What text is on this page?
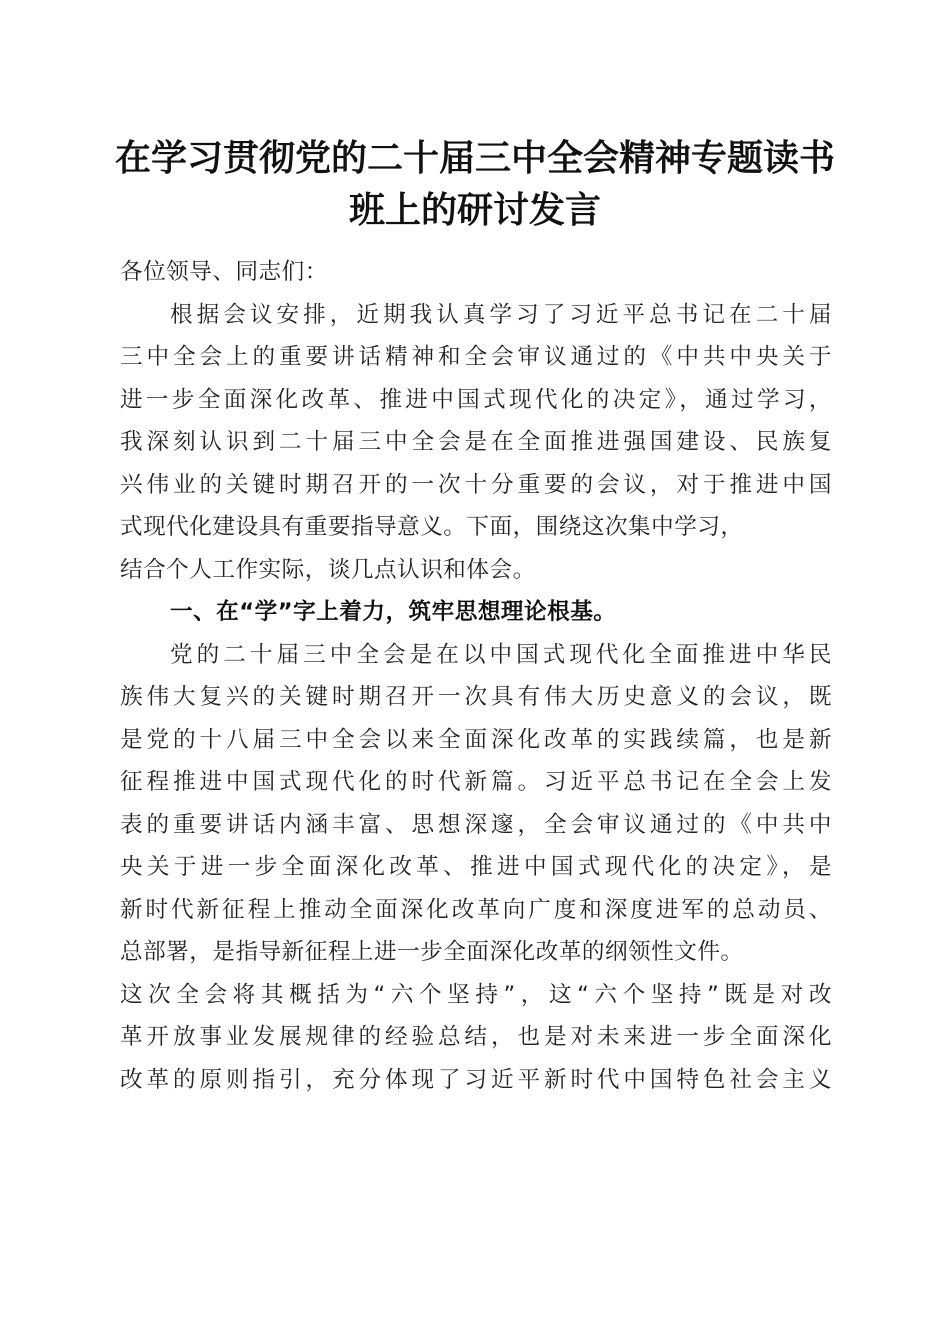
在学习贯彻党的二十届三中全会精神专题读书
班上的研讨发言
各位领导、同志们：
根据会议安排，近期我认真学习了习近平总书记在二十届
三中全会上的重要讲话精神和全会审议通过的《中共中央关于
进一步全面深化改革、推进中国式现代化的决定》，通过学习，
我深刻认识到二十届三中全会是在全面推进强国建设、民族复
兴伟业的关键时期召开的一次十分重要的会议，对于推进中国
式现代化建设具有重要指导意义。下面，围绕这次集中学习，
结合个人工作实际，谈几点认识和体会。
一、在“学”字上着力，筑牢思想理论根基。
党的二十届三中全会是在以中国式现代化全面推进中华民
族伟大复兴的关键时期召开一次具有伟大历史意义的会议，既
是党的十八届三中全会以来全面深化改革的实践续篇，也是新
征程推进中国式现代化的时代新篇。习近平总书记在全会上发
表的重要讲话内涵丰富、思想深邃，全会审议通过的《中共中
央关于进一步全面深化改革、推进中国式现代化的决定》，是
新时代新征程上推动全面深化改革向广度和深度进军的总动员、
总部署，是指导新征程上进一步全面深化改革的纲领性文件。
这次全会将其概括为“六个坚持”，这“六个坚持”既是对改
革开放事业发展规律的经验总结，也是对未来进一步全面深化
改革的原则指引，充分体现了习近平新时代中国特色社会主义
